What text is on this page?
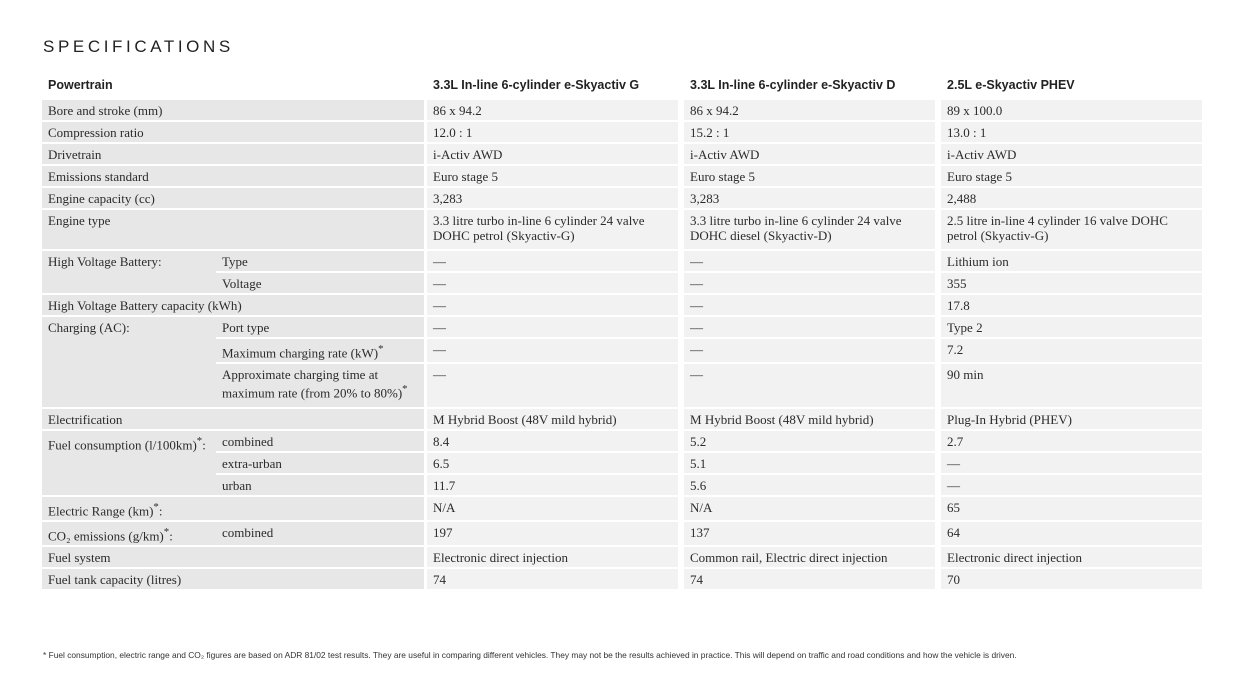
SPECIFICATIONS
Powertrain		3.3L In-line 6-cylinder e-Skyactiv G	3.3L In-line 6-cylinder e-Skyactiv D	2.5L e-Skyactiv PHEV
Bore and stroke (mm)		86 x 94.2	86 x 94.2	89 x 100.0
Compression ratio		12.0 : 1	15.2 : 1	13.0 : 1
Drivetrain		i-Activ AWD	i-Activ AWD	i-Activ AWD
Emissions standard		Euro stage 5	Euro stage 5	Euro stage 5
Engine capacity (cc)		3,283	3,283	2,488
Engine type		3.3 litre turbo in-line 6 cylinder 24 valve DOHC petrol (Skyactiv-G)	3.3 litre turbo in-line 6 cylinder 24 valve DOHC diesel (Skyactiv-D)	2.5 litre in-line 4 cylinder 16 valve DOHC petrol (Skyactiv-G)
High Voltage Battery:	Type	—	—	Lithium ion
	Voltage	—	—	355
High Voltage Battery capacity (kWh)		—	—	17.8
Charging (AC):	Port type	—	—	Type 2
	Maximum charging rate (kW)*	—	—	7.2
	Approximate charging time at maximum rate (from 20% to 80%)*	—	—	90 min
Electrification		M Hybrid Boost (48V mild hybrid)	M Hybrid Boost (48V mild hybrid)	Plug-In Hybrid (PHEV)
Fuel consumption (l/100km)*:	combined	8.4	5.2	2.7
	extra-urban	6.5	5.1	—
	urban	11.7	5.6	—
Electric Range (km)*:		N/A	N/A	65
CO₂ emissions (g/km)*:	combined	197	137	64
Fuel system		Electronic direct injection	Common rail, Electric direct injection	Electronic direct injection
Fuel tank capacity (litres)		74	74	70
* Fuel consumption, electric range and CO₂ figures are based on ADR 81/02 test results. They are useful in comparing different vehicles. They may not be the results achieved in practice. This will depend on traffic and road conditions and how the vehicle is driven.
